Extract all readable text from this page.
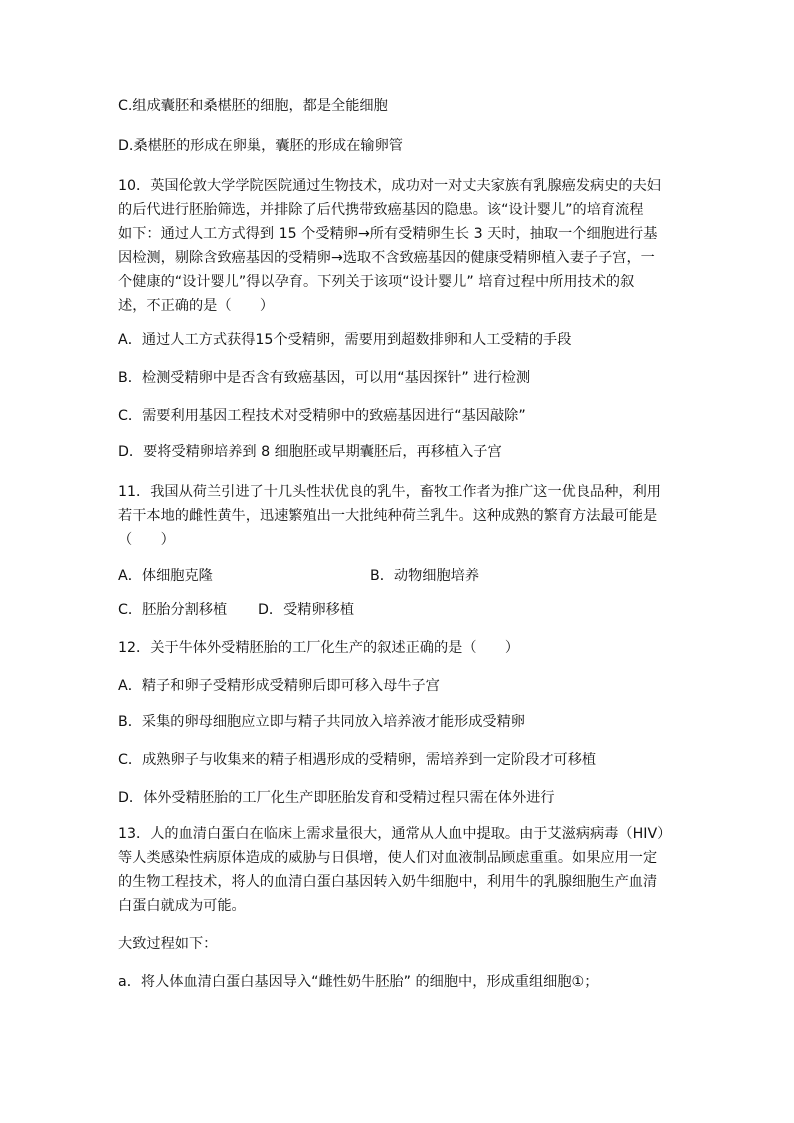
C.组成囊胚和桑椹胚的细胞，都是全能细胞

D.桑椹胚的形成在卵巢，囊胚的形成在输卵管

10．英国伦敦大学学院医院通过生物技术，成功对一对丈夫家族有乳腺癌发病史的夫妇

的后代进行胚胎筛选，并排除了后代携带致癌基因的隐患。该“设计婴儿”的培育流程

如下：通过人工方式得到 15 个受精卵→所有受精卵生长 3 天时，抽取一个细胞进行基

因检测，剔除含致癌基因的受精卵→选取不含致癌基因的健康受精卵植入妻子子宫，一

个健康的“设计婴儿”得以孕育。下列关于该项“设计婴儿” 培育过程中所用技术的叙

述，不正确的是（　　）

A．通过人工方式获得15个受精卵，需要用到超数排卵和人工受精的手段

B．检测受精卵中是否含有致癌基因，可以用“基因探针” 进行检测

C．需要利用基因工程技术对受精卵中的致癌基因进行“基因敲除”

D．要将受精卵培养到 8 细胞胚或早期囊胚后，再移植入子宫

11．我国从荷兰引进了十几头性状优良的乳牛，畜牧工作者为推广这一优良品种，利用

若干本地的雌性黄牛，迅速繁殖出一大批纯种荷兰乳牛。这种成熟的繁育方法最可能是

（　　）

A．体细胞克隆	B．动物细胞培养
C．胚胎分割移植 D．受精卵移植

12．关于牛体外受精胚胎的工厂化生产的叙述正确的是（　　）

A．精子和卵子受精形成受精卵后即可移入母牛子宫

B．采集的卵母细胞应立即与精子共同放入培养液才能形成受精卵

C．成熟卵子与收集来的精子相遇形成的受精卵，需培养到一定阶段才可移植

D．体外受精胚胎的工厂化生产即胚胎发育和受精过程只需在体外进行

13．人的血清白蛋白在临床上需求量很大，通常从人血中提取。由于艾滋病病毒（HIV）

等人类感染性病原体造成的威胁与日俱增，使人们对血液制品顾虑重重。如果应用一定

的生物工程技术，将人的血清白蛋白基因转入奶牛细胞中，利用牛的乳腺细胞生产血清

白蛋白就成为可能。

大致过程如下：

a．将人体血清白蛋白基因导入“雌性奶牛胚胎” 的细胞中，形成重组细胞①；
